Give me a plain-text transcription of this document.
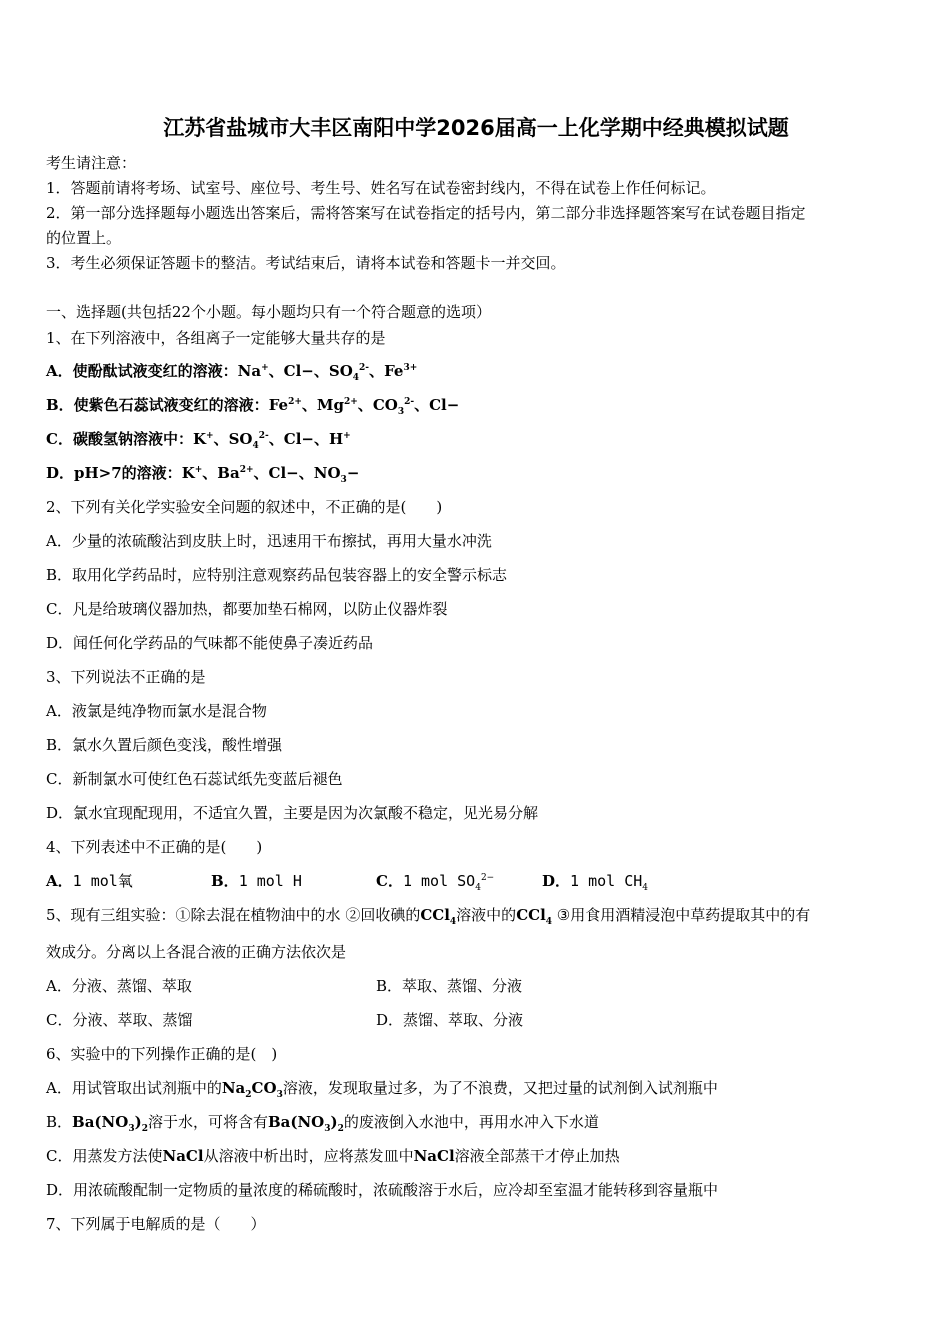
江苏省盐城市大丰区南阳中学2026届高一上化学期中经典模拟试题
考生请注意：
1．答题前请将考场、试室号、座位号、考生号、姓名写在试卷密封线内，不得在试卷上作任何标记。
2．第一部分选择题每小题选出答案后，需将答案写在试卷指定的括号内，第二部分非选择题答案写在试卷题目指定
的位置上。
3．考生必须保证答题卡的整洁。考试结束后，请将本试卷和答题卡一并交回。
一、选择题(共包括22个小题。每小题均只有一个符合题意的选项）
1、在下列溶液中，各组离子一定能够大量共存的是
A．使酚酞试液变红的溶液：Na+、Cl−、$SO_4^{2-}$、$Fe^{3+}$
B．使紫色石蕊试液变红的溶液：$Fe^{2+}$、$Mg^{2+}$、$CO_3^{2-}$、Cl−
C．碳酸氢钠溶液中：K+、$SO_4^{2-}$、Cl−、H+
D．pH>7的溶液：K+、$Ba^{2+}$、Cl−、$NO_3-$
2、下列有关化学实验安全问题的叙述中，不正确的是(　　)
A．少量的浓硫酸沾到皮肤上时，迅速用干布擦拭，再用大量水冲洗
B．取用化学药品时，应特别注意观察药品包装容器上的安全警示标志
C．凡是给玻璃仪器加热，都要加垫石棉网，以防止仪器炸裂
D．闻任何化学药品的气味都不能使鼻子凑近药品
3、下列说法不正确的是
A．液氯是纯净物而氯水是混合物
B．氯水久置后颜色变浅，酸性增强
C．新制氯水可使红色石蕊试纸先变蓝后褪色
D．氯水宜现配现用，不适宜久置，主要是因为次氯酸不稳定，见光易分解
4、下列表述中不正确的是(　　)
A．1 mol氧	B．1 mol H	C．1 mol $SO_4^{2-}$	D．1 mol $CH_4$
5、现有三组实验：①除去混在植物油中的水 ②回收碘的CCl$_4$溶液中的CCl$_4$ ③用食用酒精浸泡中草药提取其中的有
效成分。分离以上各混合液的正确方法依次是
A．分液、蒸馏、萃取	B．萃取、蒸馏、分液
C．分液、萃取、蒸馏	D．蒸馏、萃取、分液
6、实验中的下列操作正确的是(　)
A．用试管取出试剂瓶中的$Na_2CO_3$溶液，发现取量过多，为了不浪费，又把过量的试剂倒入试剂瓶中
B．$Ba(NO_3)_2$溶于水，可将含有$Ba(NO_3)_2$的废液倒入水池中，再用水冲入下水道
C．用蒸发方法使NaCl从溶液中析出时，应将蒸发皿中NaCl溶液全部蒸干才停止加热
D．用浓硫酸配制一定物质的量浓度的稀硫酸时，浓硫酸溶于水后，应冷却至室温才能转移到容量瓶中
7、下列属于电解质的是（　　）
